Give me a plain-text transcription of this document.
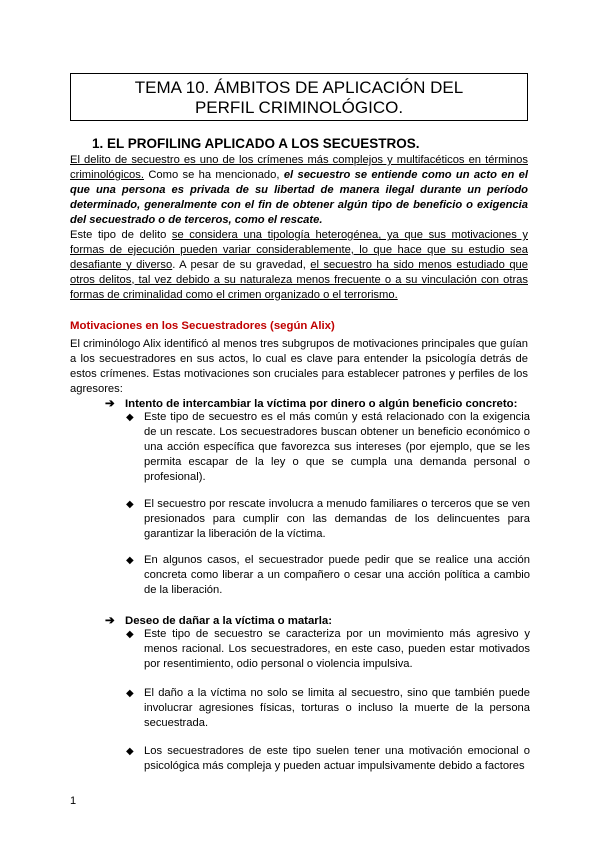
TEMA 10. ÁMBITOS DE APLICACIÓN DEL
PERFIL CRIMINOLÓGICO.
1. EL PROFILING APLICADO A LOS SECUESTROS.

El delito de secuestro es uno de los crímenes más complejos y multifacéticos en términos criminológicos. Como se ha mencionado, el secuestro se entiende como un acto en el que una persona es privada de su libertad de manera ilegal durante un período determinado, generalmente con el fin de obtener algún tipo de beneficio o exigencia del secuestrado o de terceros, como el rescate.

Este tipo de delito se considera una tipología heterogénea, ya que sus motivaciones y formas de ejecución pueden variar considerablemente, lo que hace que su estudio sea desafiante y diverso. A pesar de su gravedad, el secuestro ha sido menos estudiado que otros delitos, tal vez debido a su naturaleza menos frecuente o a su vinculación con otras formas de criminalidad como el crimen organizado o el terrorismo.

Motivaciones en los Secuestradores (según Alix)

El criminólogo Alix identificó al menos tres subgrupos de motivaciones principales que guían a los secuestradores en sus actos, lo cual es clave para entender la psicología detrás de estos crímenes. Estas motivaciones son cruciales para establecer patrones y perfiles de los agresores:

➔ Intento de intercambiar la víctima por dinero o algún beneficio concreto:
◆ Este tipo de secuestro es el más común y está relacionado con la exigencia de un rescate. Los secuestradores buscan obtener un beneficio económico o una acción específica que favorezca sus intereses (por ejemplo, que se les permita escapar de la ley o que se cumpla una demanda personal o profesional).
◆ El secuestro por rescate involucra a menudo familiares o terceros que se ven presionados para cumplir con las demandas de los delincuentes para garantizar la liberación de la víctima.
◆ En algunos casos, el secuestrador puede pedir que se realice una acción concreta como liberar a un compañero o cesar una acción política a cambio de la liberación.
➔ Deseo de dañar a la víctima o matarla:
◆ Este tipo de secuestro se caracteriza por un movimiento más agresivo y menos racional. Los secuestradores, en este caso, pueden estar motivados por resentimiento, odio personal o violencia impulsiva.
◆ El daño a la víctima no solo se limita al secuestro, sino que también puede involucrar agresiones físicas, torturas o incluso la muerte de la persona secuestrada.
◆ Los secuestradores de este tipo suelen tener una motivación emocional o psicológica más compleja y pueden actuar impulsivamente debido a factores
1
